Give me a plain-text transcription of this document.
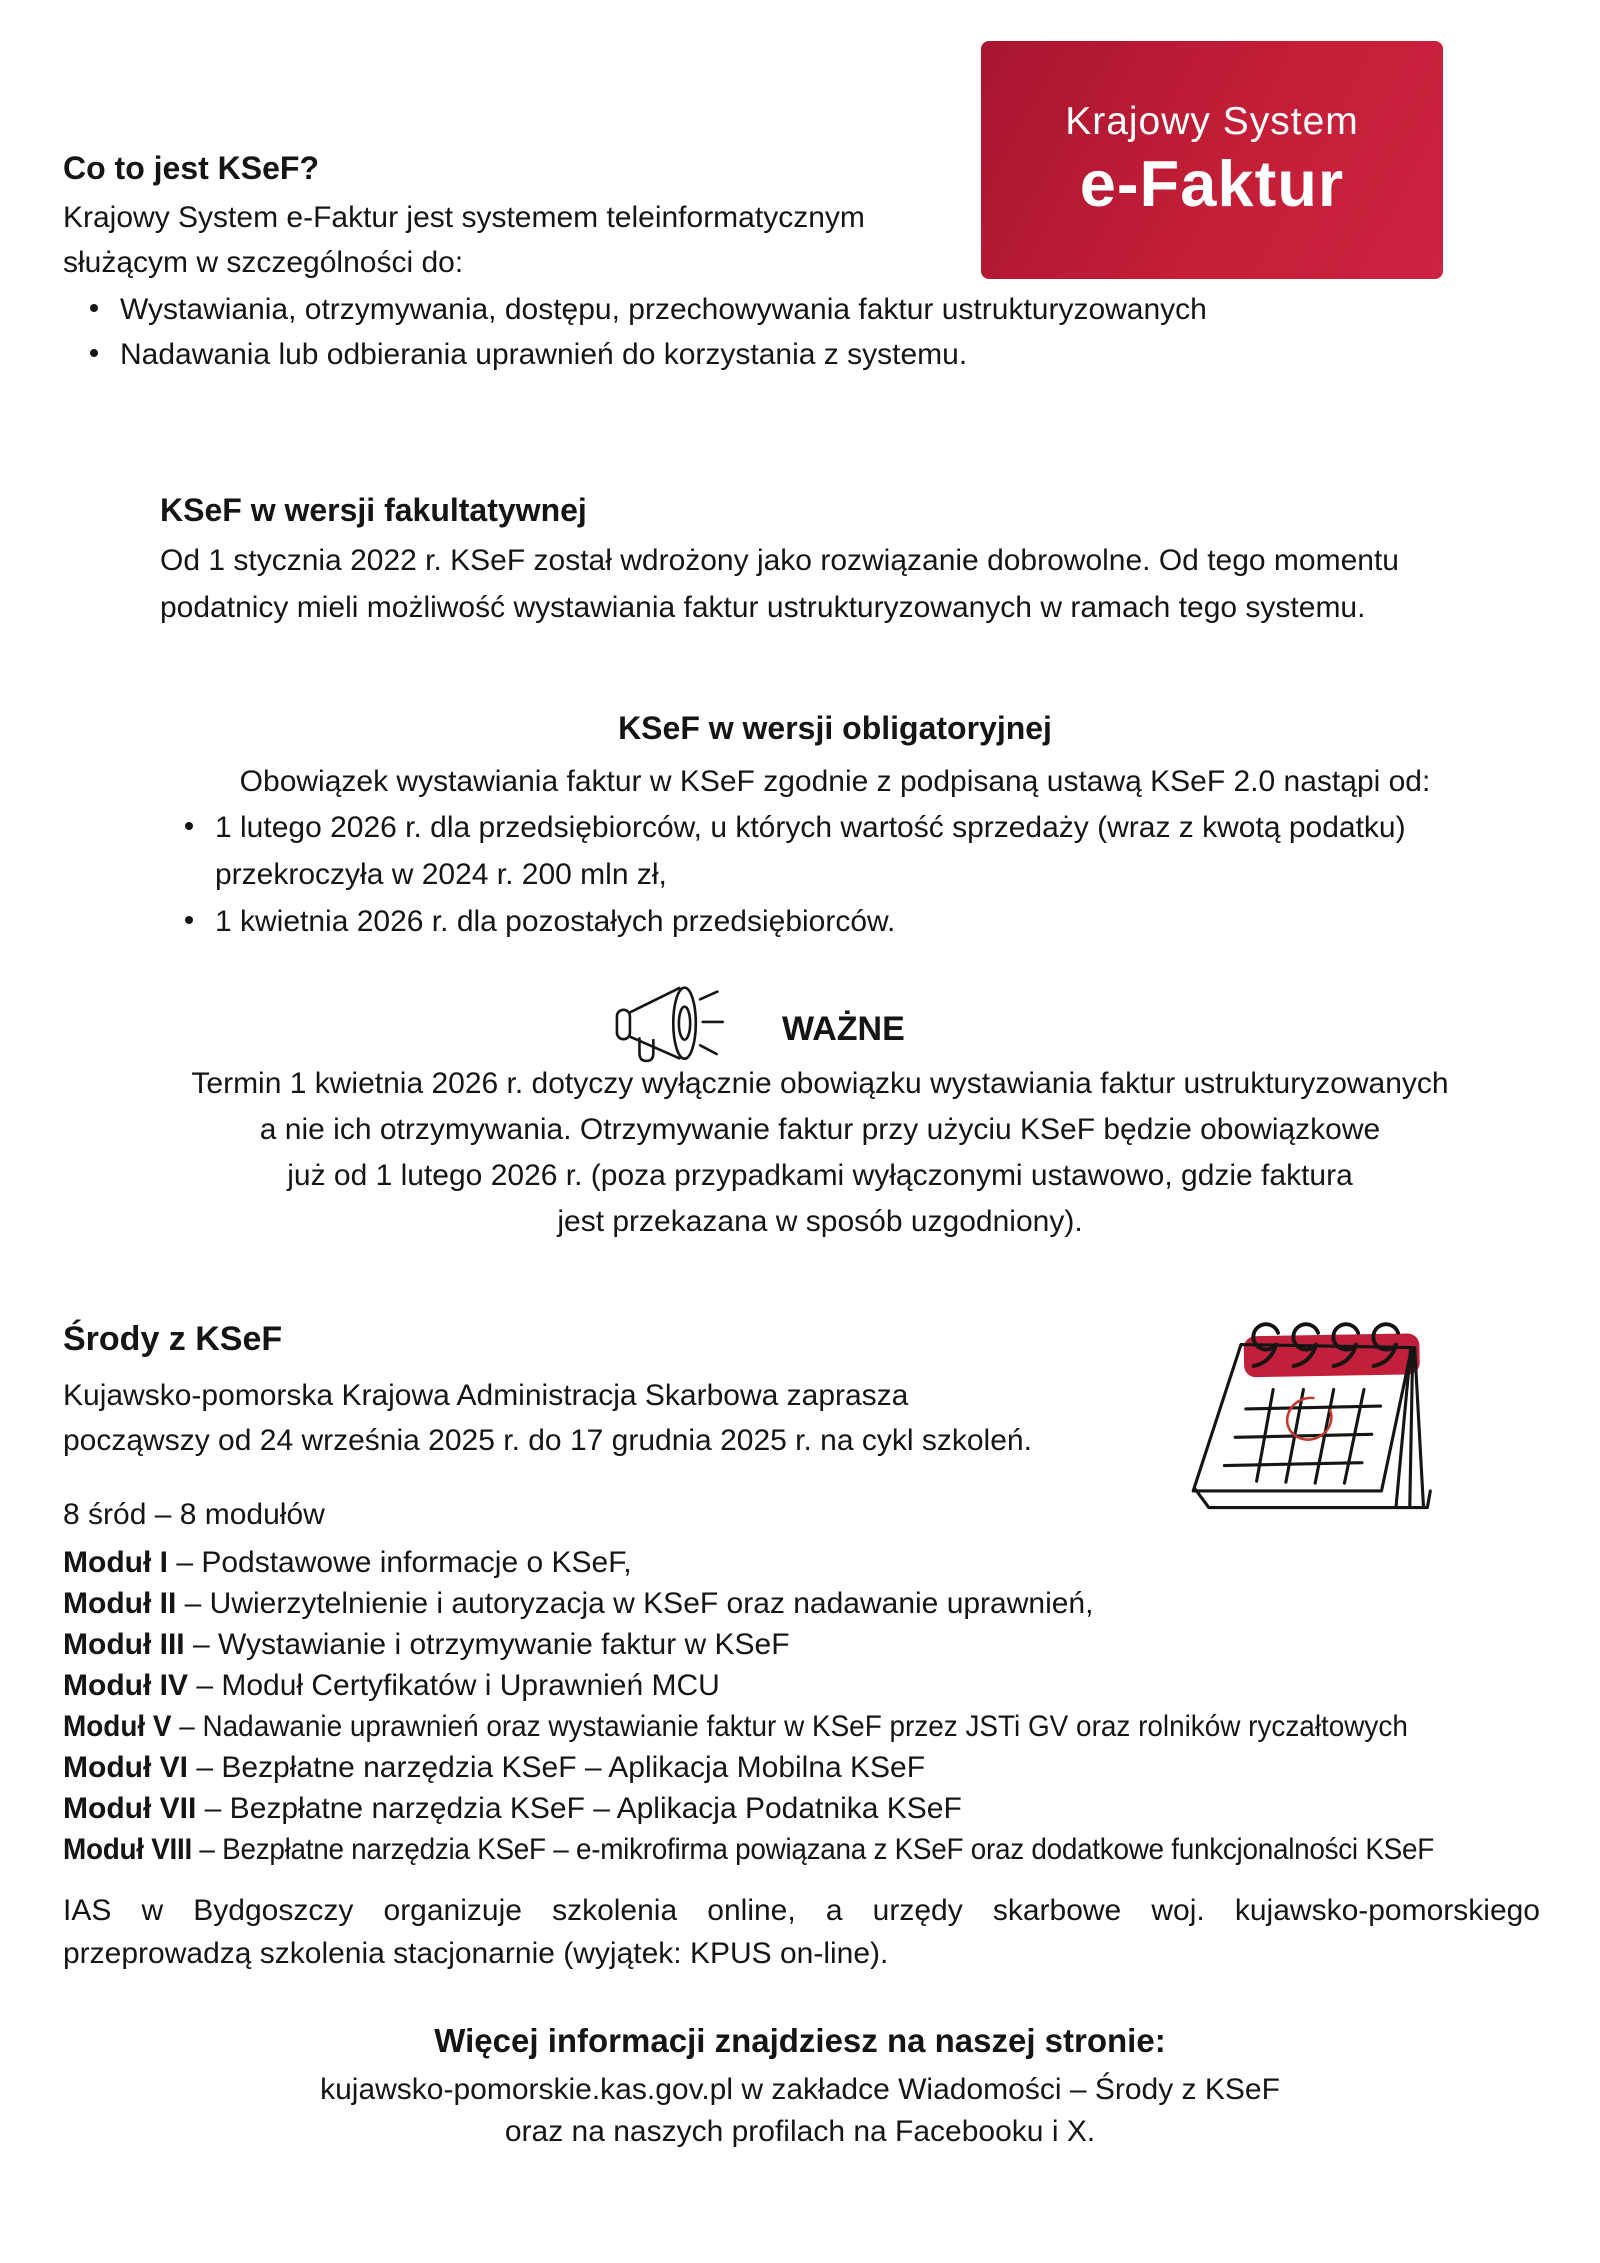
Krajowy System
e-Faktur
Co to jest KSeF?
Krajowy System e-Faktur jest systemem teleinformatycznym
służącym w szczególności do:
Wystawiania, otrzymywania, dostępu, przechowywania faktur ustrukturyzowanych
Nadawania lub odbierania uprawnień do korzystania z systemu.
KSeF w wersji fakultatywnej
Od 1 stycznia 2022 r. KSeF został wdrożony jako rozwiązanie dobrowolne. Od tego momentu
podatnicy mieli możliwość wystawiania faktur ustrukturyzowanych w ramach tego systemu.
KSeF w wersji obligatoryjnej
Obowiązek wystawiania faktur w KSeF zgodnie z podpisaną ustawą KSeF 2.0 nastąpi od:
1 lutego 2026 r. dla przedsiębiorców, u których wartość sprzedaży (wraz z kwotą podatku)
przekroczyła w 2024 r. 200 mln zł,
1 kwietnia 2026 r. dla pozostałych przedsiębiorców.
WAŻNE
Termin 1 kwietnia 2026 r. dotyczy wyłącznie obowiązku wystawiania faktur ustrukturyzowanych
a nie ich otrzymywania. Otrzymywanie faktur przy użyciu KSeF będzie obowiązkowe
już od 1 lutego 2026 r. (poza przypadkami wyłączonymi ustawowo, gdzie faktura
jest przekazana w sposób uzgodniony).
Środy z KSeF
Kujawsko-pomorska Krajowa Administracja Skarbowa zaprasza
począwszy od 24 września 2025 r. do 17 grudnia 2025 r. na cykl szkoleń.
8 śród – 8 modułów
Moduł I – Podstawowe informacje o KSeF,
Moduł II – Uwierzytelnienie i autoryzacja w KSeF oraz nadawanie uprawnień,
Moduł III – Wystawianie i otrzymywanie faktur w KSeF
Moduł IV – Moduł Certyfikatów i Uprawnień MCU
Moduł V – Nadawanie uprawnień oraz wystawianie faktur w KSeF przez JSTi GV oraz rolników ryczałtowych
Moduł VI – Bezpłatne narzędzia KSeF – Aplikacja Mobilna KSeF
Moduł VII – Bezpłatne narzędzia KSeF – Aplikacja Podatnika KSeF
Moduł VIII – Bezpłatne narzędzia KSeF – e-mikrofirma powiązana z KSeF oraz dodatkowe funkcjonalności KSeF
IAS w Bydgoszczy organizuje szkolenia online, a urzędy skarbowe woj. kujawsko-pomorskiego
przeprowadzą szkolenia stacjonarnie (wyjątek: KPUS on-line).
Więcej informacji znajdziesz na naszej stronie:
kujawsko-pomorskie.kas.gov.pl w zakładce Wiadomości – Środy z KSeF
oraz na naszych profilach na Facebooku i X.
